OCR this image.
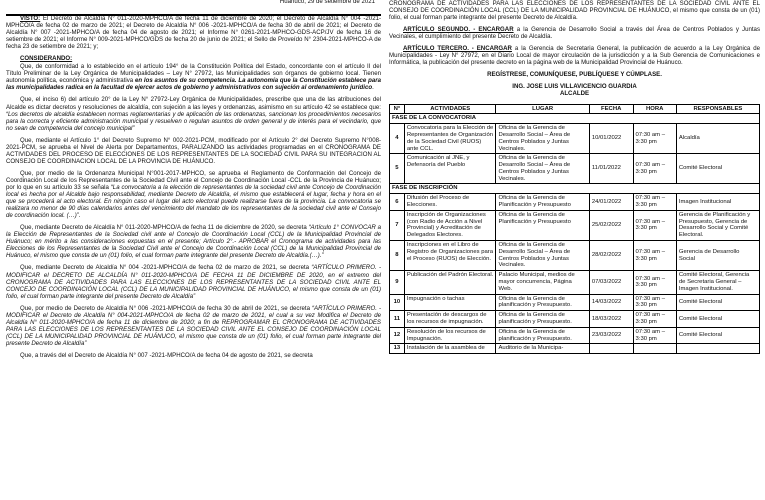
Huánuco, 29 de setiembre de 2021

VISTO: El Decreto de Alcaldía N° 011-2020-MPHCO/A de fecha 11 de diciembre de 2020; el Decreto de Alcaldía N° 004 -2021-MPHCO/A de fecha 02 de marzo de 2021; el Decreto de Alcaldía N° 006 -2021-MPHCO/A de fecha 30 de abril de 2021; el Decreto de Alcaldía N° 007 -2021-MPHCO/A de fecha 04 de agosto de 2021; el Informe N° 0261-2021-MPHCO-GDS-ACP/JV de fecha 16 de setiembre de 2021; el Informe N° 009-2021-MPHCO/GDS de fecha 20 de junio de 2021; el Sello de Proveído N° 2304-2021-MPHCO-A de fecha 23 de setiembre de 2021; y;

CONSIDERANDO:

Que, de conformidad a lo establecido en el artículo 194° de la Constitución Política del Estado, concordante con el artículo II del Título Preliminar de la Ley Orgánica de Municipalidades – Ley N° 27972, las Municipalidades son órganos de gobierno local. Tienen autonomía política, económica y administrativa en los asuntos de su competencia. La autonomía que la Constitución establece para las municipalidades radica en la facultad de ejercer actos de gobierno y administrativos con sujeción al ordenamiento jurídico.

Que, el inciso 6) del artículo 20° de la Ley N° 27972-Ley Orgánica de Municipalidades, prescribe que una de las atribuciones del Alcalde es dictar decretos y resoluciones de alcaldía, con sujeción a las leyes y ordenanzas, asimismo en su artículo 42 se establece que: “Los decretos de alcaldía establecen normas reglamentarias y de aplicación de las ordenanzas, sancionan los procedimientos necesarios para la correcta y eficiente administración municipal y resuelven o regulan asuntos de orden general y de interés para el vecindario, que no sean de competencia del concejo municipal”

Que, mediante el Artículo 1° del Decreto Supremo N° 002-2021-PCM, modificado por el Artículo 2° del Decreto Supremo N°008-2021-PCM, se aprueba el Nivel de Alerta por Departamentos, PARALIZANDO las actividades programadas en el CRONOGRAMA DE ACTIVIDADES DEL PROCESO DE ELECCIONES DE LOS REPRESENTANTES DE LA SOCIEDAD CIVIL PARA SU INTEGRACION AL CONSEJO DE COORDINACION LOCAL DE LA PROVINCIA DE HUÁNUCO.

Que, por medio de la Ordenanza Municipal N°001-2017-MPHCO, se aprueba el Reglamento de Conformación del Concejo de Coordinación Local de los Representantes de la Sociedad Civil ante el Concejo de Coordinación Local -CCL de la Provincia de Huánuco; por lo que en su artículo 33 se señala “La convocatoria a la elección de representantes de la sociedad civil ante Concejo de Coordinación local es hecha por el Alcalde bajo responsabilidad, mediante Decreto de Alcaldía, el mismo que establecerá el lugar, fecha y hora en el que se procederá al acto electoral. En ningún caso el lugar del acto electoral puede realizarse fuera de la provincia. La convocatoria se realizara no menor de 90 días calendarios antes del vencimiento del mandato de los representantes de la sociedad civil ante el Consejo de coordinación local. (…)”.

Que, mediante Decreto de Alcaldía N° 011-2020-MPHCO/A de fecha 11 de diciembre de 2020, se decreta “Artículo 1° CONVOCAR a la Elección de Representantes de la Sociedad civil ante el Concejo de Coordinación Local (CCL) de la Municipalidad Provincial de Huánuco; en mérito a las consideraciones expuestas en el presente; Artículo 2°.- APROBAR el Cronograma de actividades para las Elecciones de los Representantes de la Sociedad Civil ante el Concejo de Coordinación Local (CCL) de la Municipalidad Provincial de Huánuco, el mismo que consta de un (01) folio, el cual forman parte integrante del presente Decreto de Alcaldía.(…).”

Que, mediante Decreto de Alcaldía N° 004 -2021-MPHCO/A de fecha 02 de marzo de 2021, se decreta “ARTÍCULO PRIMERO. - MODIFICAR el DECRETO DE ALCALDÍA N° 011-2020-MPHCO/A DE FECHA 11 DE DICIEMBRE DE 2020, en el extremo del CRONOGRAMA DE ACTIVIDADES PARA LAS ELECCIONES DE LOS REPRESENTANTES DE LA SOCIEDAD CIVIL ANTE EL CONCEJO DE COORDINACIÓN LOCAL (CCL) DE LA MUNICIPALIDAD PROVINCIAL DE HUÁNUCO, el mismo que consta de un (01) folio, el cual forman parte integrante del presente Decreto de Alcaldía”

Que, por medio de Decreto de Alcaldía N° 006 -2021-MPHCO/A de fecha 30 de abril de 2021, se decreta “ARTÍCULO PRIMERO. - MODIFICAR el Decreto de Alcaldía N° 004-2021-MPHCO/A de fecha 02 de marzo de 2021, el cual a su vez Modifica el Decreto de Alcaldía N° 011-2020-MPHCO/A de fecha 11 de diciembre de 2020; a fin de REPROGRAMAR EL CRONOGRAMA DE ACTIVIDADES PARA LAS ELECCIONES DE LOS REPRESENTANTES DE LA SOCIEDAD CIVIL ANTE EL CONSEJO DE COORDINACIÓN LOCAL (CCL) DE LA MUNICIPALIDAD PROVINCIAL DE HUÁNUCO, el mismo que consta de un (01) folio, el cual forman parte integrante del presente Decreto de Alcaldía”

Que, a través del el Decreto de Alcaldía N° 007 -2021-MPHCO/A de fecha 04 de agosto de 2021, se decreta

CRONOGRAMA DE ACTIVIDADES PARA LAS ELECCIONES DE LOS REPRESENTANTES DE LA SOCIEDAD CIVIL ANTE EL CONSEJO DE COORDINACIÓN LOCAL (CCL) DE LA MUNICIPALIDAD PROVINCIAL DE HUÁNUCO, el mismo que consta de un (01) folio, el cual forman parte integrante del presente Decreto de Alcaldía.

ARTÍCULO SEGUNDO. - ENCARGAR a la Gerencia de Desarrollo Social a través del Área de Centros Poblados y Juntas Vecinales, el cumplimiento del presente Decreto de Alcaldía.

ARTÍCULO TERCERO. - ENCARGAR a la Gerencia de Secretaria General, la publicación de acuerdo a la Ley Orgánica de Municipalidades - Ley N° 27972, en el Diario Local de mayor circulación de la jurisdicción y a la Sub Gerencia de Comunicaciones e Informática, la publicación del presente decreto en la página web de la Municipalidad Provincial de Huánuco.

REGÍSTRESE, COMUNÍQUESE, PUBLÍQUESE Y CÚMPLASE.

ING. JOSE LUIS VILLAVICENCIO GUARDIA

ALCALDE

N°	ACTIVIDADES	LUGAR	FECHA	HORA	RESPONSABLES
FASE DE LA CONVOCATORIA					
4	Convocatoria para la Elección de Representantes de Organización de la Sociedad Civil (RUOS) ante CCL.	Oficina de la Gerencia de Desarrollo Social – Área de Centros Poblados y Juntas Vecinales.	10/01/2022	07:30 am – 3:30 pm	Alcaldía
5	Comunicación al JNE, y Defensoría del Pueblo	Oficina de la Gerencia de Desarrollo Social – Área de Centros Poblados y Juntas Vecinales.	11/01/2022	07:30 am – 3:30 pm	Comité Electoral
FASE DE INSCRIPCIÓN					
6	Difusión del Proceso de Elecciones.	Oficina de la Gerencia de Planificación y Presupuesto	24/01/2022	07:30 am – 3:30 pm	Imagen Institucional
7	Inscripción de Organizaciones (con Radio de Acción a Nivel Provincial) y Acreditación de Delegados Electores.	Oficina de la Gerencia de Planificación y Presupuesto	25/02/2022	07:30 am – 3:30 pm	Gerencia de Planificación y Presupuesto, Gerencia de Desarrollo Social y Comité Electoral.
8	Inscripciones en el Libro de Registro de Organizaciones para el Proceso (RUOS) de Elección.	Oficina de la Gerencia de Desarrollo Social – Área de Centros Poblados y Juntas Vecinales.	28/02/2022	07:30 am – 3:30 pm	Gerencia de Desarrollo Social
9	Publicación del Padrón Electoral.	Palacio Municipal, medios de mayor concurrencia, Página Web.	07/03/2022	07:30 am – 3:30 pm	Comité Electoral, Gerencia de Secretaria General – Imagen Institucional.
10	Impugnación o tachas	Oficina de la Gerencia de planificación y Presupuesto.	14/03/2022	07:30 am – 3:30 pm	Comité Electoral
11	Presentación de descargos de los recursos de impugnación.	Oficina de la Gerencia de planificación y Presupuesto.	18/03/2022	07:30 am – 3:30 pm	Comité Electoral
12	Resolución de los recursos de Impugnación.	Oficina de la Gerencia de planificación y Presupuesto.	23/03/2022	07:30 am – 3:30 pm	Comité Electoral
13	Instalación de la asamblea de	Auditorio de la Municipa-			
